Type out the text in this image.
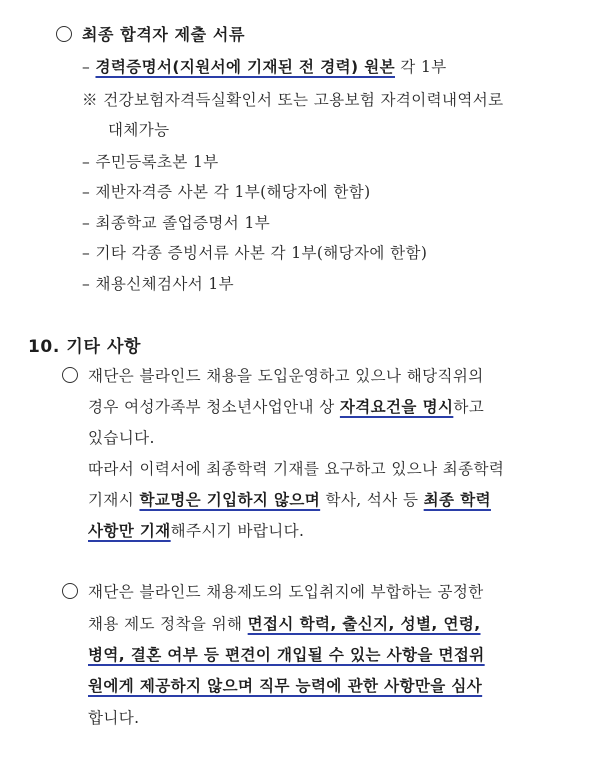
최종 합격자 제출 서류
– 경력증명서(지원서에 기재된 전 경력) 원본 각 1부
※ 건강보험자격득실확인서 또는 고용보험 자격이력내역서로
대체가능
– 주민등록초본 1부
– 제반자격증 사본 각 1부(해당자에 한함)
– 최종학교 졸업증명서 1부
– 기타 각종 증빙서류 사본 각 1부(해당자에 한함)
– 채용신체검사서 1부
10. 기타 사항
재단은 블라인드 채용을 도입운영하고 있으나 해당직위의
경우 여성가족부 청소년사업안내 상 자격요건을 명시하고
있습니다.
따라서 이력서에 최종학력 기재를 요구하고 있으나 최종학력
기재시 학교명은 기입하지 않으며 학사, 석사 등 최종 학력
사항만 기재해주시기 바랍니다.
재단은 블라인드 채용제도의 도입취지에 부합하는 공정한
채용 제도 정착을 위해 면접시 학력, 출신지, 성별, 연령,
병역, 결혼 여부 등 편견이 개입될 수 있는 사항을 면접위
원에게 제공하지 않으며 직무 능력에 관한 사항만을 심사
합니다.
